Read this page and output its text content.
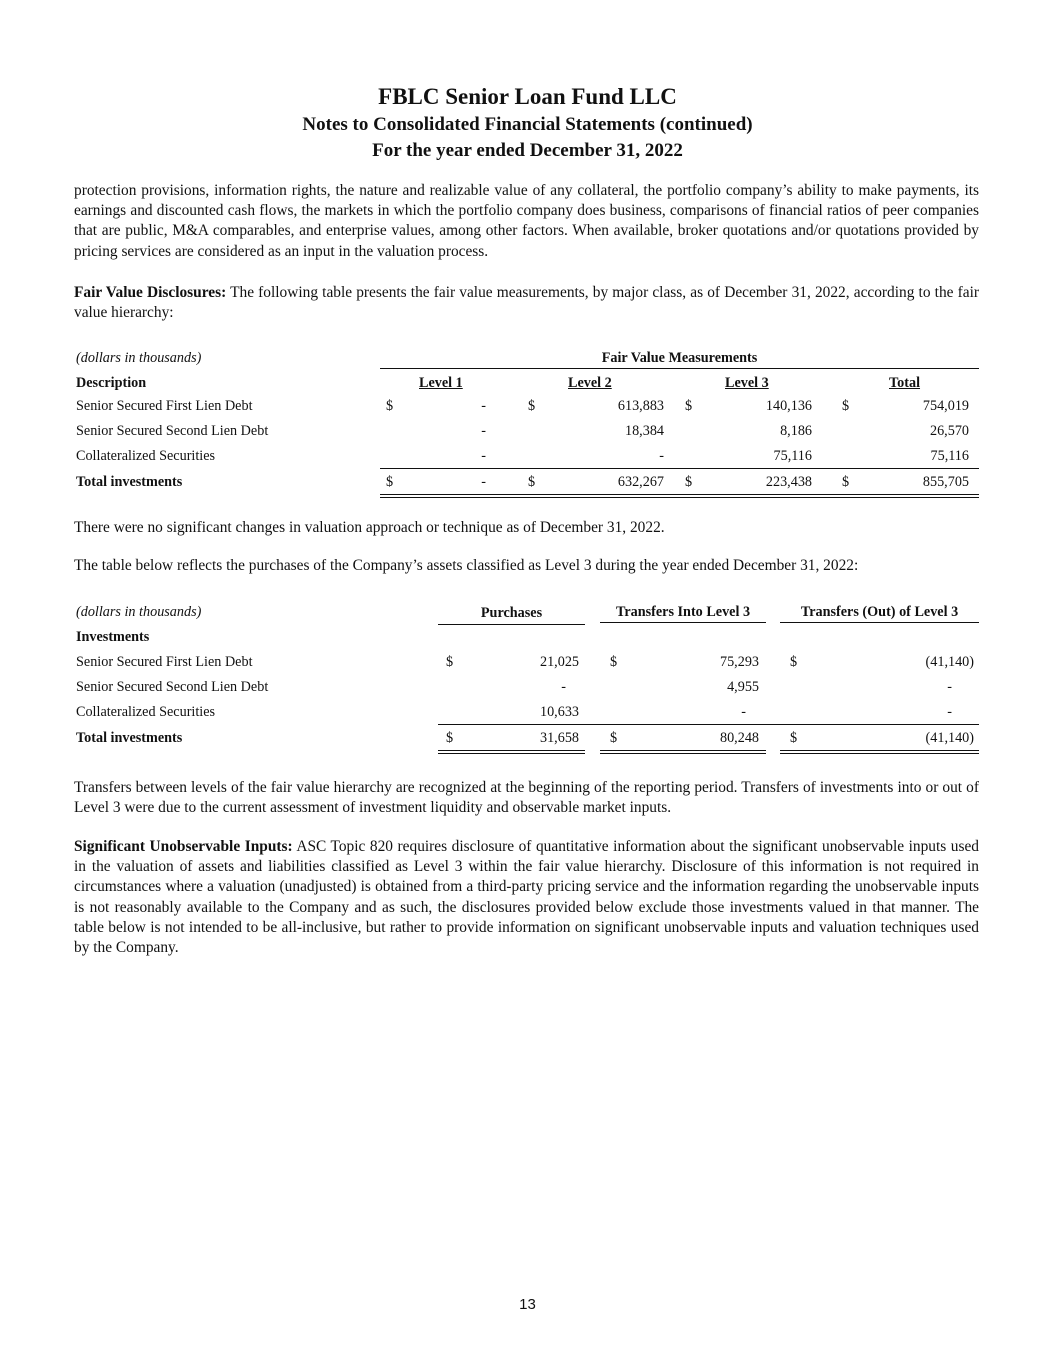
FBLC Senior Loan Fund LLC
Notes to Consolidated Financial Statements (continued)
For the year ended December 31, 2022
protection provisions, information rights, the nature and realizable value of any collateral, the portfolio company’s ability to make payments, its earnings and discounted cash flows, the markets in which the portfolio company does business, comparisons of financial ratios of peer companies that are public, M&A comparables, and enterprise values, among other factors. When available, broker quotations and/or quotations provided by pricing services are considered as an input in the valuation process.
Fair Value Disclosures: The following table presents the fair value measurements, by major class, as of December 31, 2022, according to the fair value hierarchy:
(dollars in thousands)	Fair Value Measurements
Description	Level 1	Level 2	Level 3	Total
Senior Secured First Lien Debt	$	-	$	613,883 $	140,136 $	754,019
Senior Secured Second Lien Debt	-	18,384	8,186	26,570
Collateralized Securities	-	-	75,116	75,116
Total investments	$	-	$	632,267 $	223,438 $	855,705
There were no significant changes in valuation approach or technique as of December 31, 2022.
The table below reflects the purchases of the Company’s assets classified as Level 3 during the year ended December 31, 2022:
(dollars in thousands)	Purchases	Transfers Into Level 3	Transfers (Out) of Level 3
Investments
Senior Secured First Lien Debt	$	21,025 $	75,293 $	(41,140)
Senior Secured Second Lien Debt	-	4,955	-
Collateralized Securities	10,633	-	-
Total investments	$	31,658 $	80,248 $	(41,140)
Transfers between levels of the fair value hierarchy are recognized at the beginning of the reporting period. Transfers of investments into or out of Level 3 were due to the current assessment of investment liquidity and observable market inputs.
Significant Unobservable Inputs: ASC Topic 820 requires disclosure of quantitative information about the significant unobservable inputs used in the valuation of assets and liabilities classified as Level 3 within the fair value hierarchy. Disclosure of this information is not required in circumstances where a valuation (unadjusted) is obtained from a third-party pricing service and the information regarding the unobservable inputs is not reasonably available to the Company and as such, the disclosures provided below exclude those investments valued in that manner. The table below is not intended to be all-inclusive, but rather to provide information on significant unobservable inputs and valuation techniques used by the Company.
13
